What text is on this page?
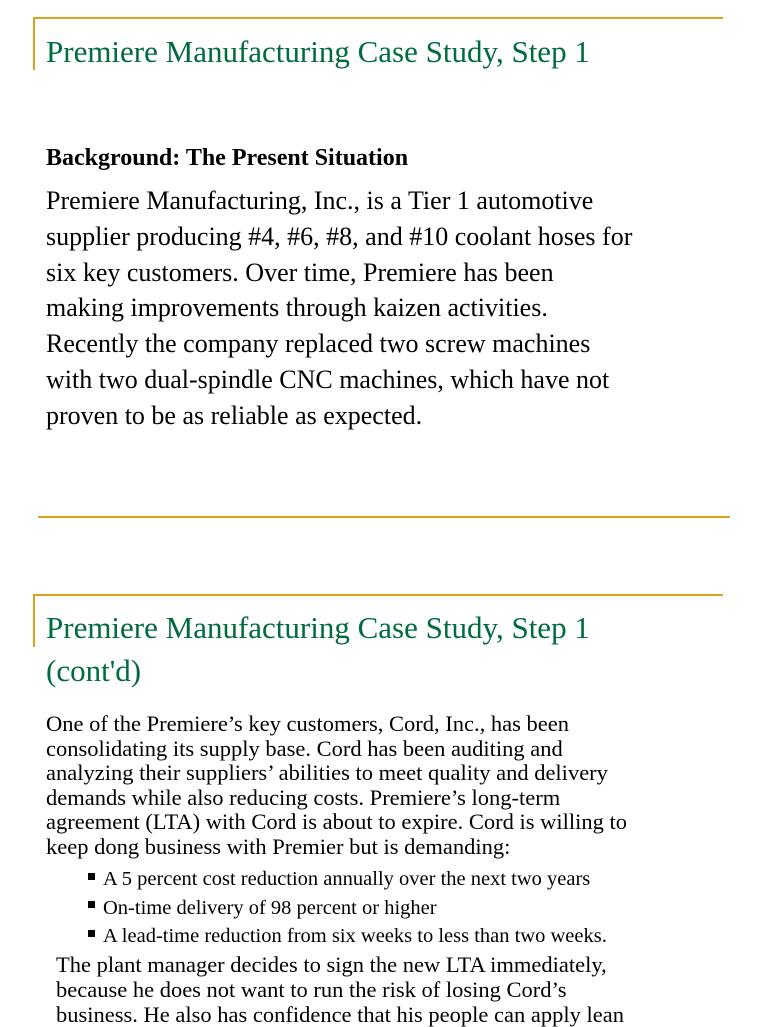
Premiere Manufacturing Case Study, Step 1
Background: The Present Situation

Premiere Manufacturing, Inc., is a Tier 1 automotive
supplier producing #4, #6, #8, and #10 coolant hoses for
six key customers. Over time, Premiere has been
making improvements through kaizen activities.
Recently the company replaced two screw machines
with two dual-spindle CNC machines, which have not
proven to be as reliable as expected.

Premiere Manufacturing Case Study, Step 1
(cont'd)

One of the Premiere’s key customers, Cord, Inc., has been
consolidating its supply base. Cord has been auditing and
analyzing their suppliers’ abilities to meet quality and delivery
demands while also reducing costs. Premiere’s long-term
agreement (LTA) with Cord is about to expire. Cord is willing to
keep dong business with Premier but is demanding:

A 5 percent cost reduction annually over the next two years
On-time delivery of 98 percent or higher
A lead-time reduction from six weeks to less than two weeks.

The plant manager decides to sign the new LTA immediately,
because he does not want to run the risk of losing Cord’s
business. He also has confidence that his people can apply lean
